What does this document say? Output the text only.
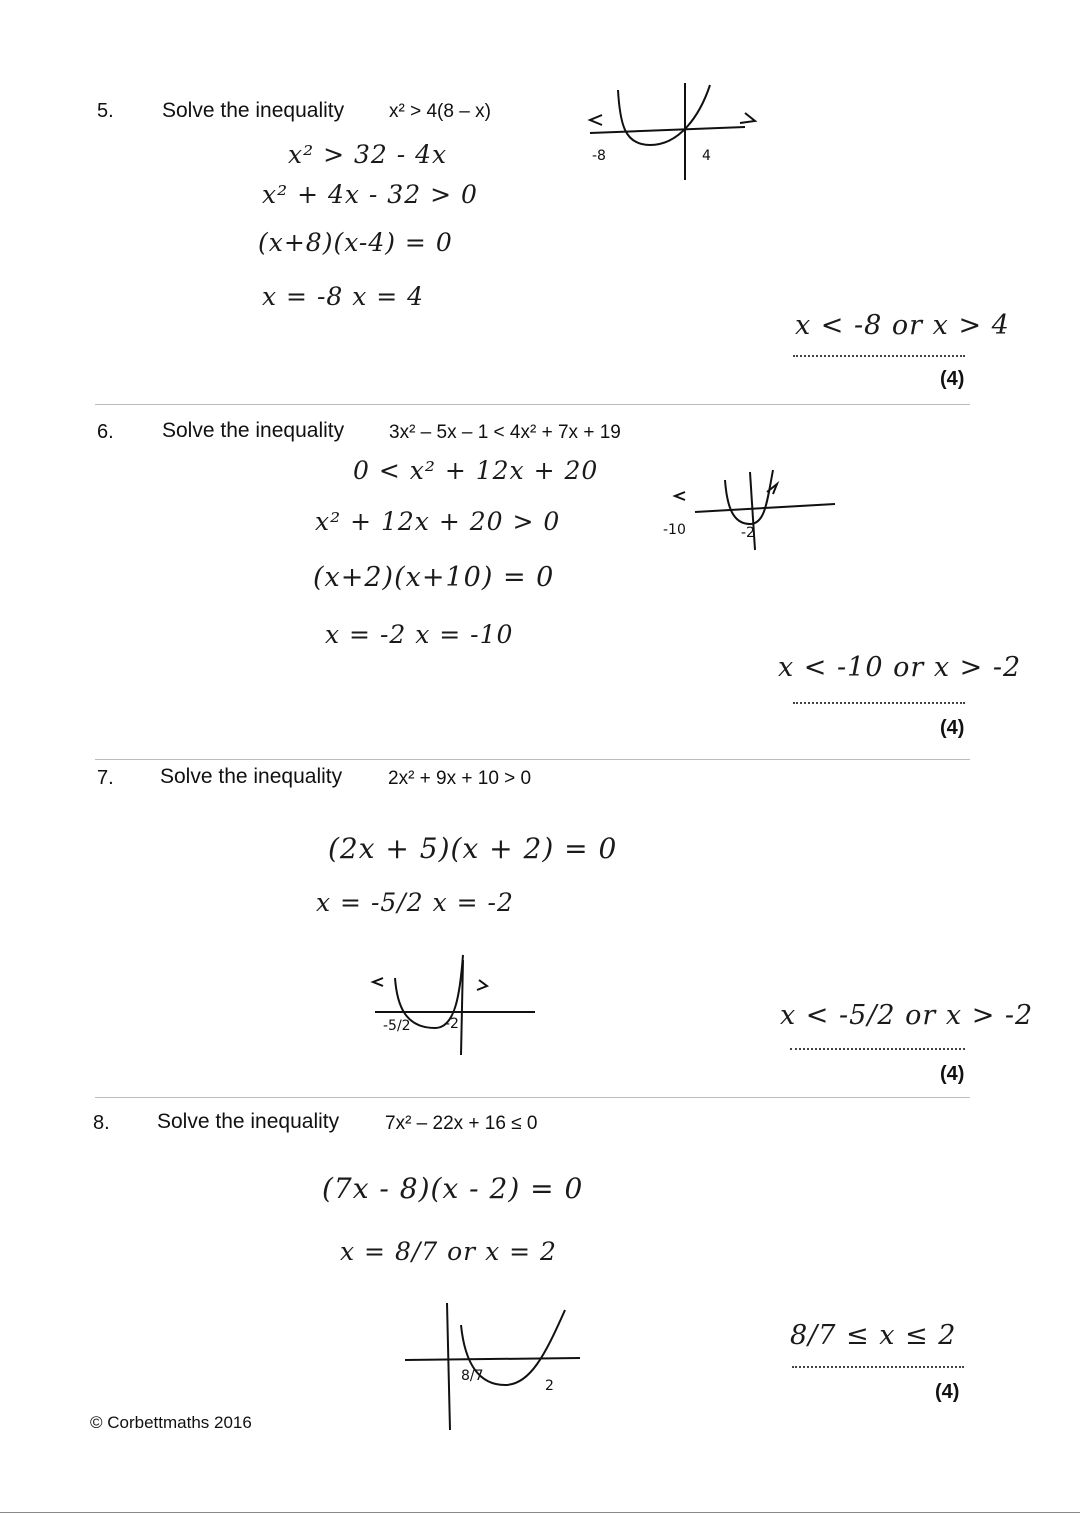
5. Solve the inequality x² > 4(8 – x)
x² > 32 - 4x
x² + 4x - 32 > 0
(x+8)(x-4) = 0
x = -8 x = 4
-8	4
x < -8 or x > 4
(4)
6. Solve the inequality 3x² – 5x – 1 < 4x² + 7x + 19
0 < x² + 12x + 20
x² + 12x + 20 > 0
(x+2)(x+10) = 0
x = -2 x = -10
-10	-2
x < -10 or x > -2
(4)
7. Solve the inequality 2x² + 9x + 10 > 0
(2x + 5)(x + 2) = 0
x = -5/2 x = -2
-5/2 -2	x < -5/2 or x > -2
(4)
8. Solve the inequality 7x² – 22x + 16 ≤ 0
(7x - 8)(x - 2) = 0
x = 8/7 or x = 2
8/7
2
8/7 ≤ x ≤ 2
(4)
© Corbettmaths 2016
